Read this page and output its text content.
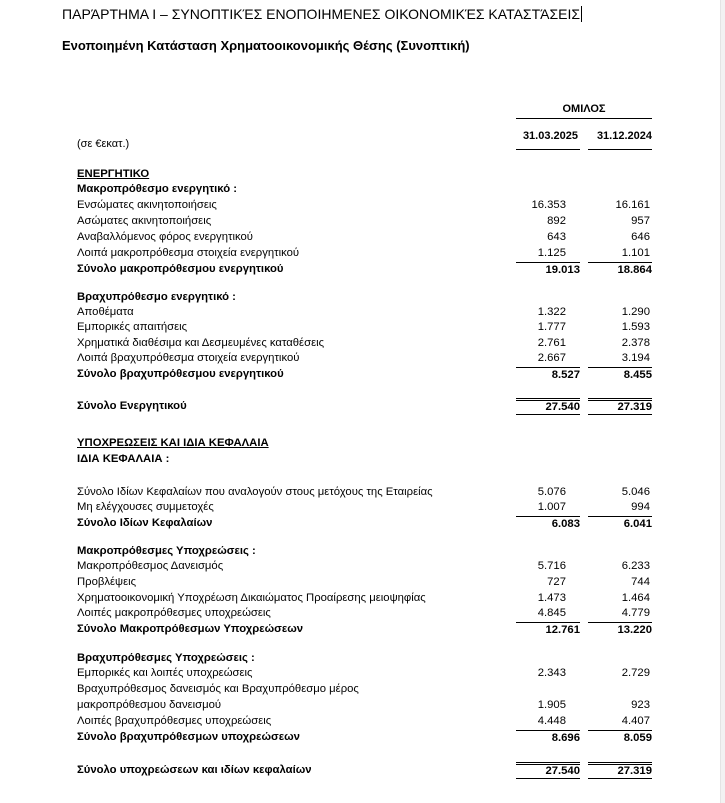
ΠΑΡΆΡΤΗΜΑ Ι – ΣΥΝΟΠΤΙΚΈΣ ΕΝΟΠΟΙΗΜΕΝΕΣ ΟΙΚΟΝΟΜΙΚΈΣ ΚΑΤΑΣΤΆΣΕΙΣ
Ενοποιημένη Κατάσταση Χρηματοοικονομικής Θέσης (Συνοπτική)
ΟΜΙΛΟΣ
31.03.2025	31.12.2024
(σε €εκατ.)
ΕΝΕΡΓΗΤΙΚΟ
Μακροπρόθεσμο ενεργητικό :
Ενσώματες ακινητοποιήσεις	16.353	16.161
Ασώματες ακινητοποιήσεις	892	957
Αναβαλλόμενος φόρος ενεργητικού	643	646
Λοιπά μακροπρόθεσμα στοιχεία ενεργητικού	1.125	1.101
Σύνολο μακροπρόθεσμου ενεργητικού	19.013	18.864
Βραχυπρόθεσμο ενεργητικό :
Αποθέματα	1.322	1.290
Εμπορικές απαιτήσεις	1.777	1.593
Χρηματικά διαθέσιμα και Δεσμευμένες καταθέσεις	2.761	2.378
Λοιπά βραχυπρόθεσμα στοιχεία ενεργητικού	2.667	3.194
Σύνολο βραχυπρόθεσμου ενεργητικού	8.527	8.455
Σύνολο Ενεργητικού	27.540	27.319
ΥΠΟΧΡΕΩΣΕΙΣ ΚΑΙ ΙΔΙΑ ΚΕΦΑΛΑΙΑ
ΙΔΙΑ ΚΕΦΑΛΑΙΑ :
Σύνολο Ιδίων Κεφαλαίων που αναλογούν στους μετόχους της Εταιρείας	5.076	5.046
Μη ελέγχουσες συμμετοχές	1.007	994
Σύνολο Ιδίων Κεφαλαίων	6.083	6.041
Μακροπρόθεσμες Υποχρεώσεις :
Μακροπρόθεσμος Δανεισμός	5.716	6.233
Προβλέψεις	727	744
Χρηματοοικονομική Υποχρέωση Δικαιώματος Προαίρεσης μειοψηφίας	1.473	1.464
Λοιπές μακροπρόθεσμες υποχρεώσεις	4.845	4.779
Σύνολο Μακροπρόθεσμων Υποχρεώσεων	12.761	13.220
Βραχυπρόθεσμες Υποχρεώσεις :
Εμπορικές και λοιπές υποχρεώσεις	2.343	2.729
Βραχυπρόθεσμος δανεισμός και Βραχυπρόθεσμο μέρος
μακροπρόθεσμου δανεισμού	1.905	923
Λοιπές βραχυπρόθεσμες υποχρεώσεις	4.448	4.407
Σύνολο βραχυπρόθεσμων υποχρεώσεων	8.696	8.059
Σύνολο υποχρεώσεων και ιδίων κεφαλαίων	27.540	27.319
